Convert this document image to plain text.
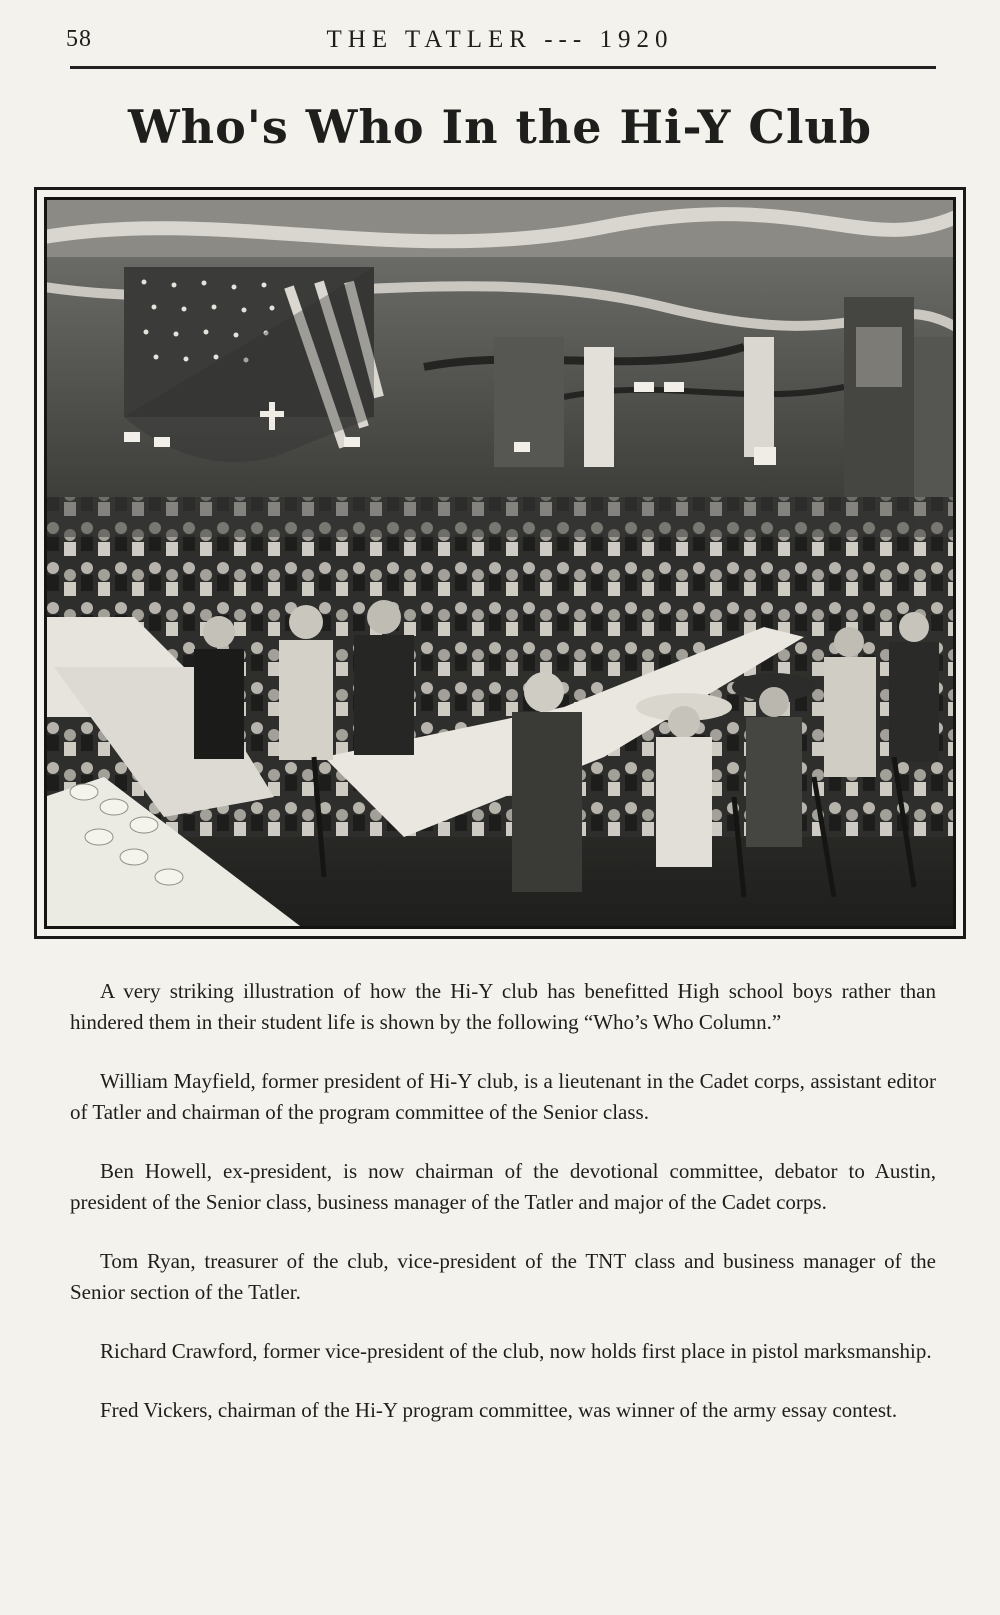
58	THE TATLER --- 1920
Who's Who In the Hi-Y Club

A very striking illustration of how the Hi-Y club has benefitted High school boys rather than hindered them in their student life is shown by the following “Who’s Who Column.”

William Mayfield, former president of Hi-Y club, is a lieutenant in the Cadet corps, assistant editor of Tatler and chairman of the program committee of the Senior class.

Ben Howell, ex-president, is now chairman of the devotional committee, debator to Austin, president of the Senior class, business manager of the Tatler and major of the Cadet corps.

Tom Ryan, treasurer of the club, vice-president of the TNT class and business manager of the Senior section of the Tatler.

Richard Crawford, former vice-president of the club, now holds first place in pistol marksmanship.

Fred Vickers, chairman of the Hi-Y program committee, was winner of the army essay contest.
